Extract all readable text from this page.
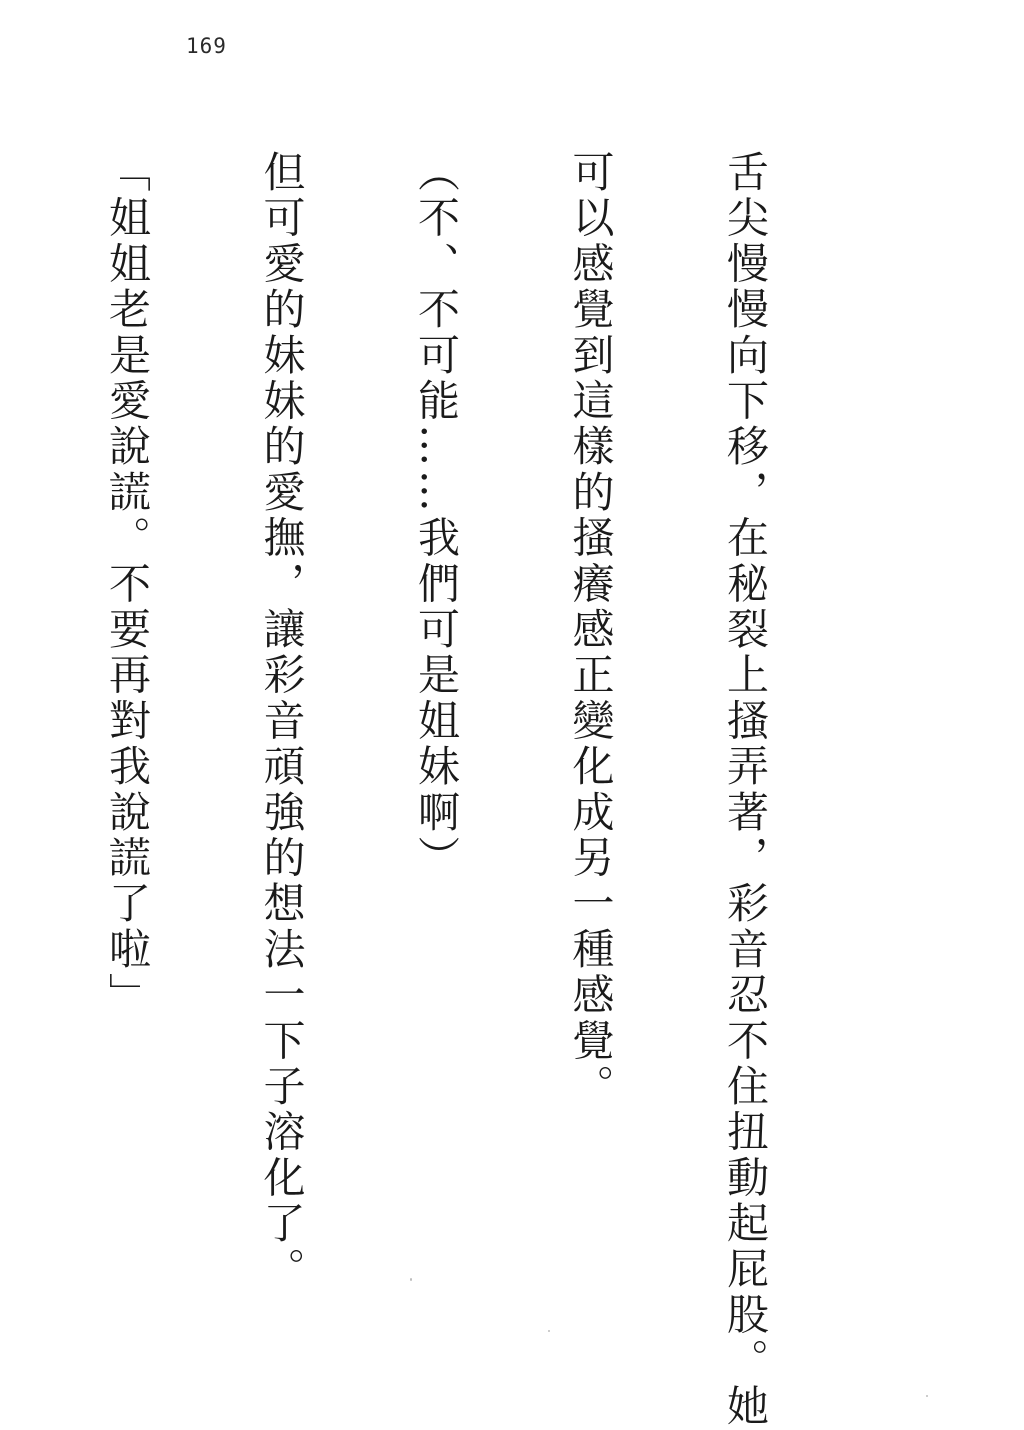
169

舌尖慢慢向下移，在秘裂上搔弄著，彩音忍不住扭動起屁股。她

可以感覺到這樣的搔癢感正變化成另一種感覺。

（不、不可能……我們可是姐妹啊）

但可愛的妹妹的愛撫，讓彩音頑強的想法一下子溶化了。

「姐姐老是愛說謊。不要再對我說謊了啦」
